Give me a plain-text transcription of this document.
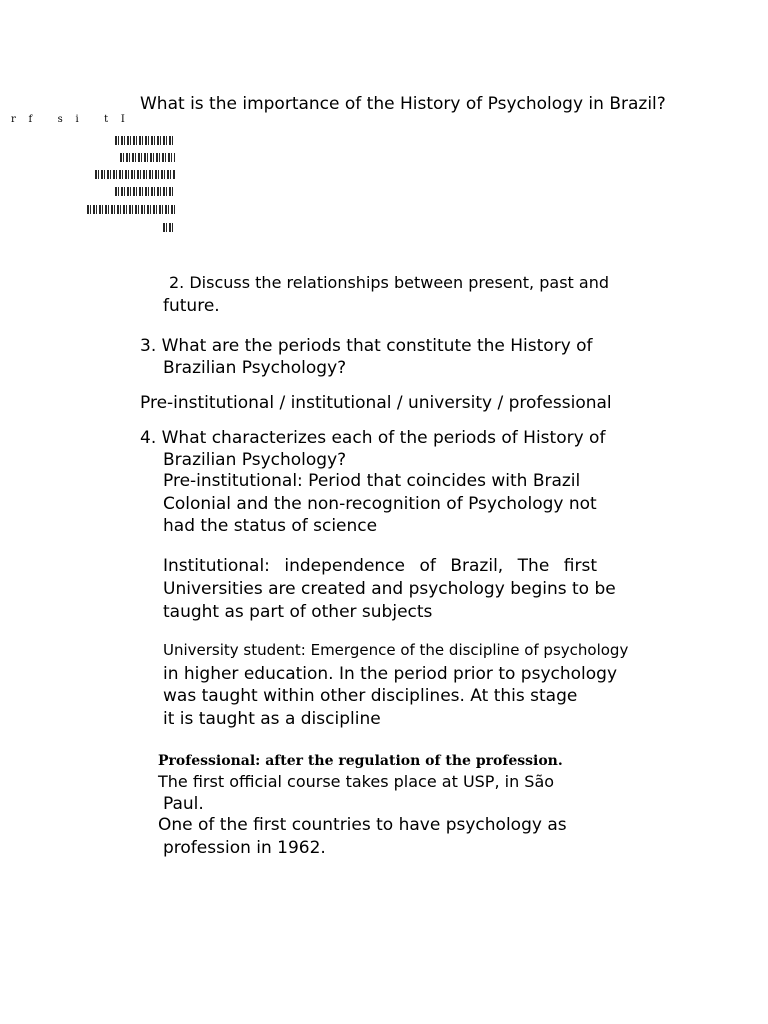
What is the importance of the History of Psychology in Brazil?

r    f        s    i        t    I

2. Discuss the relationships between present, past and

future.

3. What are the periods that constitute the History of

Brazilian Psychology?

Pre-institutional / institutional / university / professional

4. What characterizes each of the periods of History of

Brazilian Psychology?

Pre-institutional: Period that coincides with Brazil

Colonial and the non-recognition of Psychology not

had the status of science

Institutional: independence of Brazil, The first

Universities are created and psychology begins to be

taught as part of other subjects

University student: Emergence of the discipline of psychology

in higher education. In the period prior to psychology

was taught within other disciplines. At this stage

it is taught as a discipline

Professional: after the regulation of the profession.

The first official course takes place at USP, in São

Paul.

One of the first countries to have psychology as

profession in 1962.
